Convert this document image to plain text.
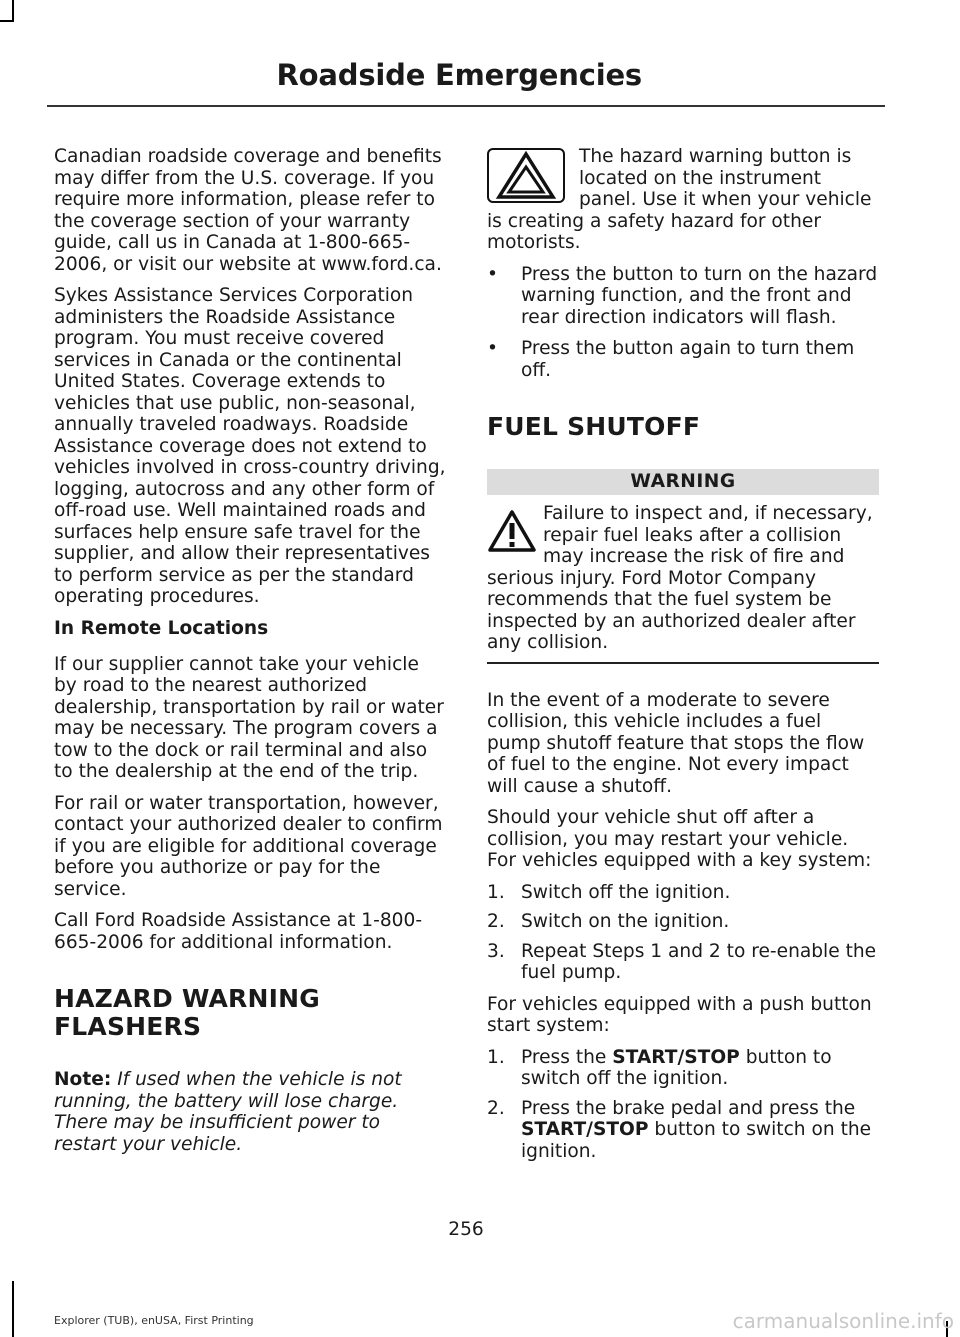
Roadside Emergencies

Canadian roadside coverage and benefits may differ from the U.S. coverage. If you require more information, please refer to the coverage section of your warranty guide, call us in Canada at 1-800-665-2006, or visit our website at www.ford.ca.

Sykes Assistance Services Corporation administers the Roadside Assistance program. You must receive covered services in Canada or the continental United States. Coverage extends to vehicles that use public, non-seasonal, annually traveled roadways. Roadside Assistance coverage does not extend to vehicles involved in cross-country driving, logging, autocross and any other form of off-road use. Well maintained roads and surfaces help ensure safe travel for the supplier, and allow their representatives to perform service as per the standard operating procedures.

In Remote Locations

If our supplier cannot take your vehicle by road to the nearest authorized dealership, transportation by rail or water may be necessary. The program covers a tow to the dock or rail terminal and also to the dealership at the end of the trip.

For rail or water transportation, however, contact your authorized dealer to confirm if you are eligible for additional coverage before you authorize or pay for the service.

Call Ford Roadside Assistance at 1-800-665-2006 for additional information.

HAZARD WARNING FLASHERS

Note: If used when the vehicle is not running, the battery will lose charge. There may be insufficient power to restart your vehicle.

The hazard warning button is located on the instrument panel. Use it when your vehicle is creating a safety hazard for other motorists.

• Press the button to turn on the hazard warning function, and the front and rear direction indicators will flash.
• Press the button again to turn them off.
FUEL SHUTOFF
WARNING

Failure to inspect and, if necessary, repair fuel leaks after a collision may increase the risk of fire and serious injury. Ford Motor Company recommends that the fuel system be inspected by an authorized dealer after any collision.

In the event of a moderate to severe collision, this vehicle includes a fuel pump shutoff feature that stops the flow of fuel to the engine. Not every impact will cause a shutoff.

Should your vehicle shut off after a collision, you may restart your vehicle. For vehicles equipped with a key system:

1. Switch off the ignition.
2. Switch on the ignition.
3. Repeat Steps 1 and 2 to re-enable the fuel pump.

For vehicles equipped with a push button start system:

1. Press the START/STOP button to switch off the ignition.
2. Press the brake pedal and press the START/STOP button to switch on the ignition.
256
Explorer (TUB), enUSA, First Printing	carmanualsonline.info
